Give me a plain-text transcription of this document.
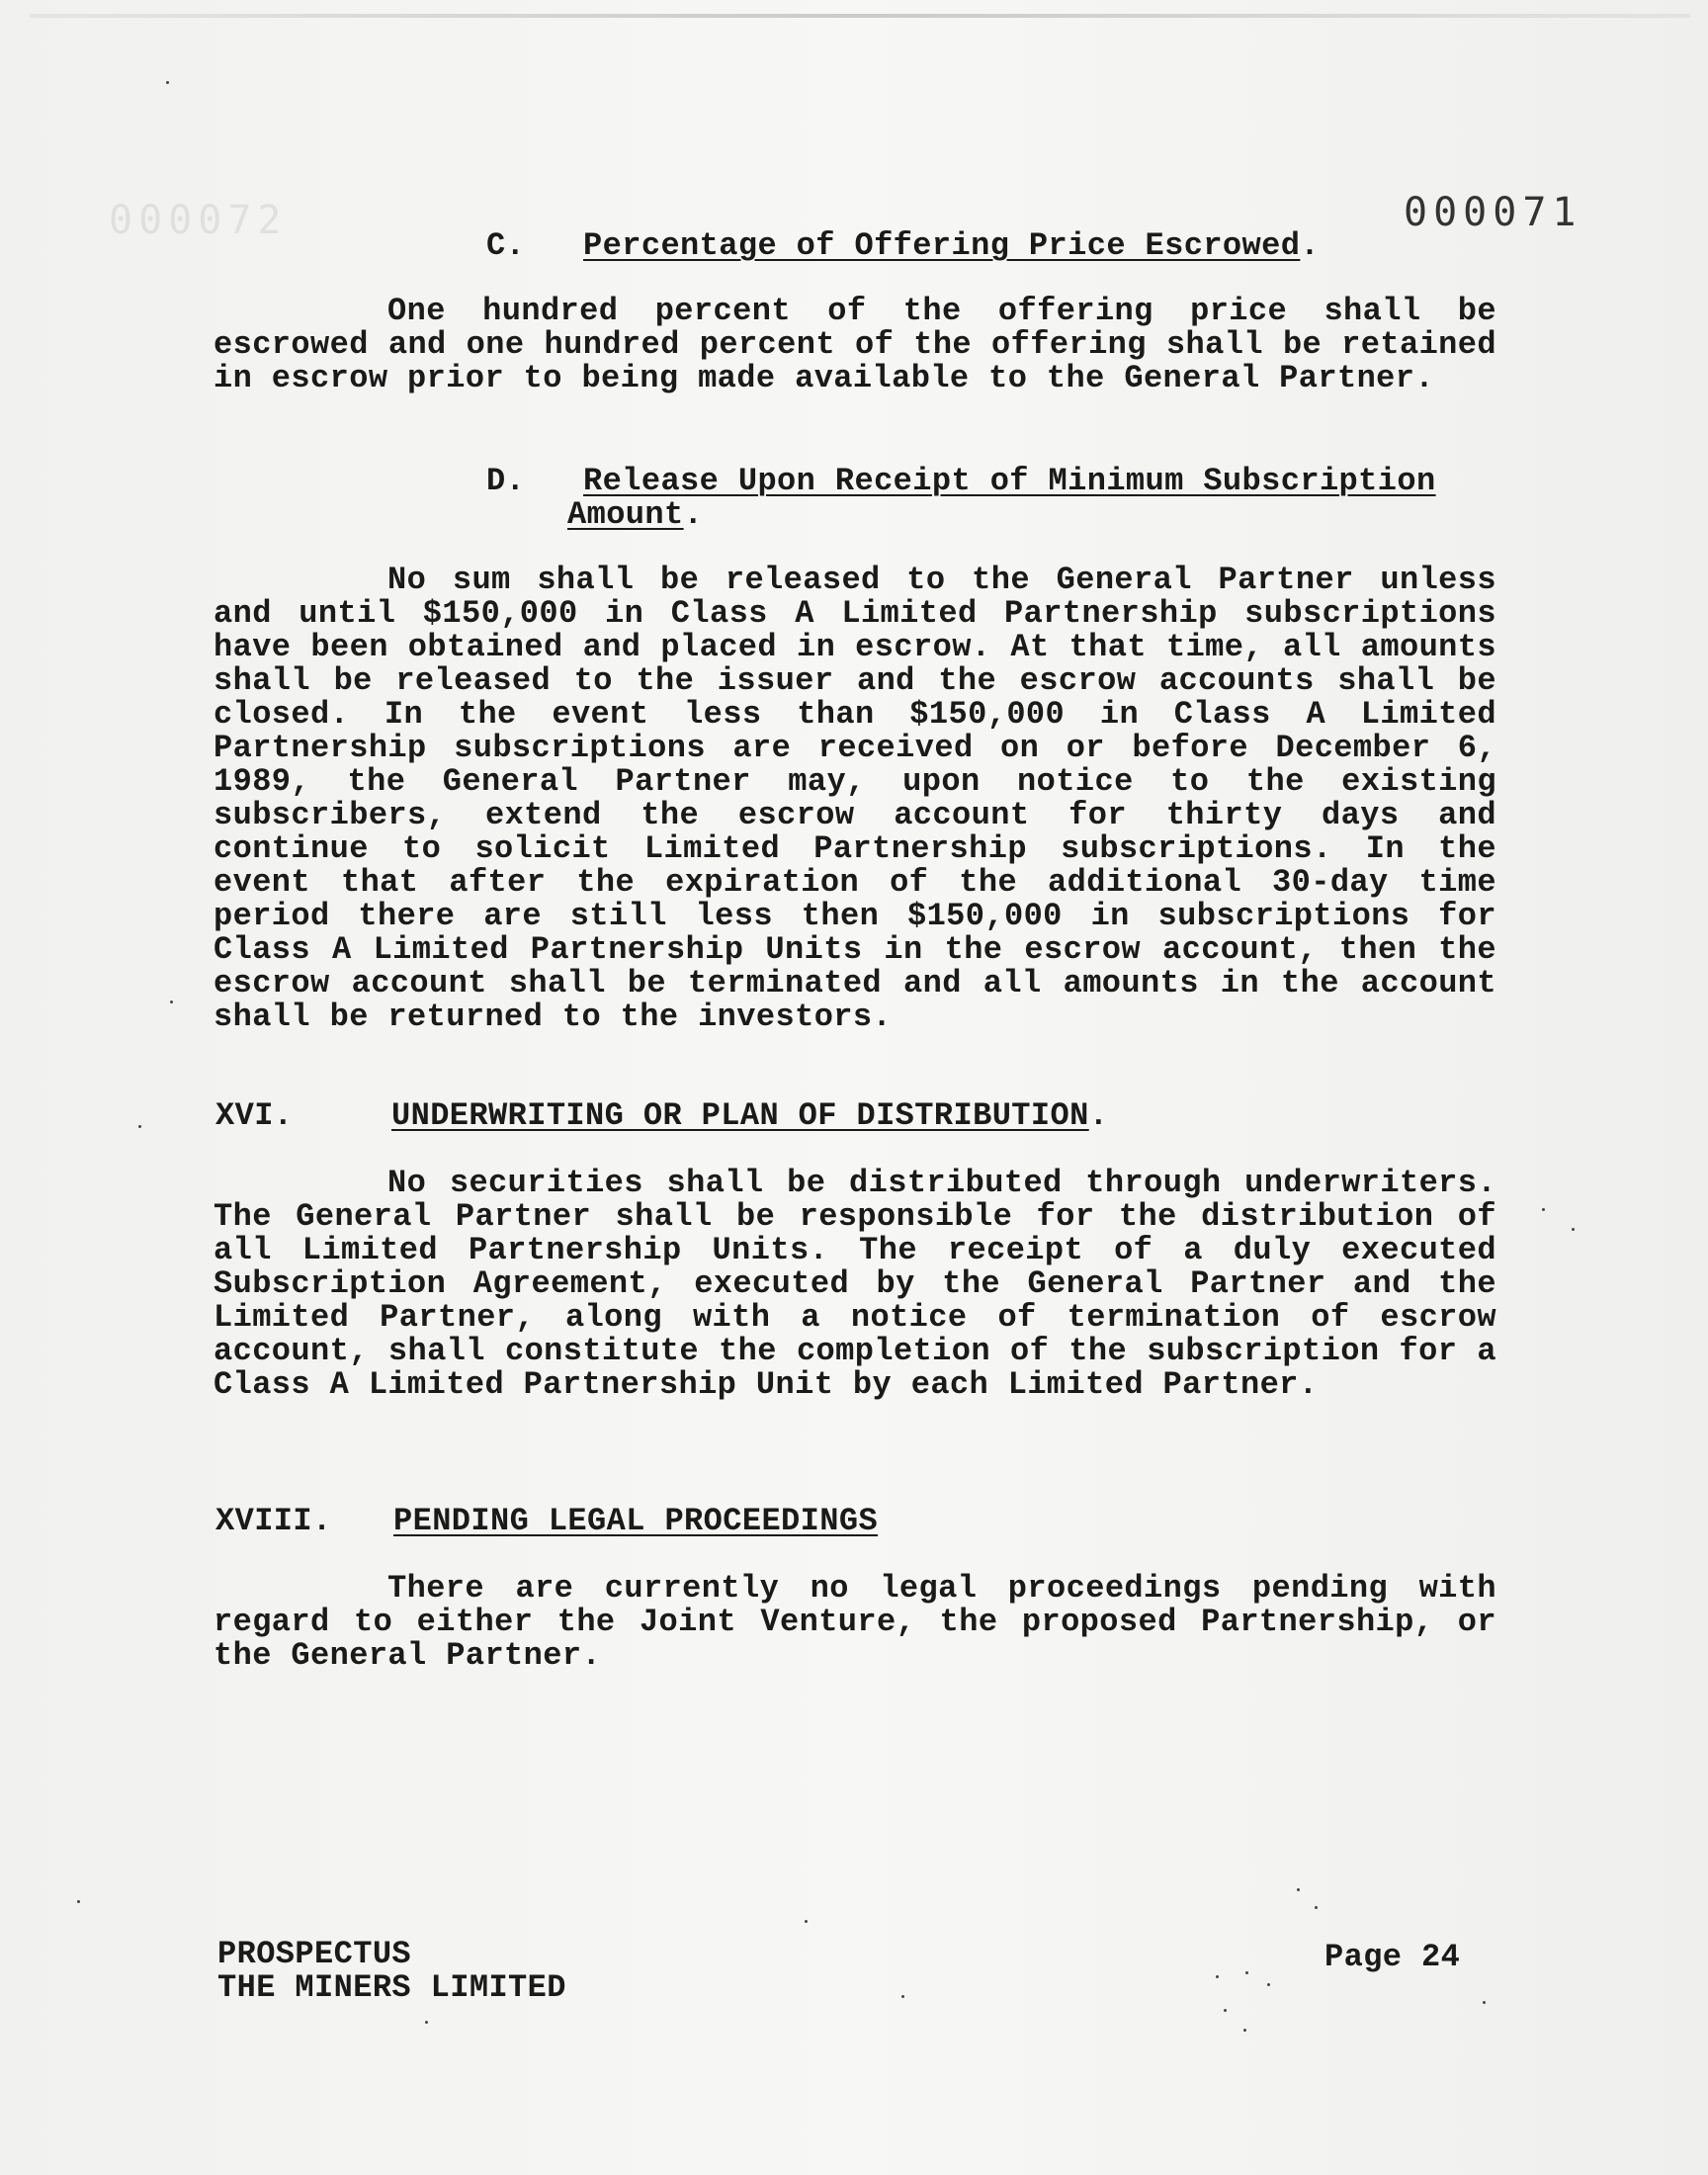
000072	000071
C. Percentage of Offering Price Escrowed.
One hundred percent of the offering price shall be escrowed and one hundred percent of the offering shall be retained in escrow prior to being made available to the General Partner.
D. Release Upon Receipt of Minimum Subscription
Amount.
No sum shall be released to the General Partner unless and until $150,000 in Class A Limited Partnership subscriptions have been obtained and placed in escrow. At that time, all amounts shall be released to the issuer and the escrow accounts shall be closed. In the event less than $150,000 in Class A Limited Partnership subscriptions are received on or before December 6, 1989, the General Partner may, upon notice to the existing subscribers, extend the escrow account for thirty days and continue to solicit Limited Partnership subscriptions. In the event that after the expiration of the additional 30-day time period there are still less then $150,000 in subscriptions for Class A Limited Partnership Units in the escrow account, then the escrow account shall be terminated and all amounts in the account shall be returned to the investors.
XVI.	UNDERWRITING OR PLAN OF DISTRIBUTION.
No securities shall be distributed through underwriters. The General Partner shall be responsible for the distribution of all Limited Partnership Units. The receipt of a duly executed Subscription Agreement, executed by the General Partner and the Limited Partner, along with a notice of termination of escrow account, shall constitute the completion of the subscription for a Class A Limited Partnership Unit by each Limited Partner.
XVIII. PENDING LEGAL PROCEEDINGS
There are currently no legal proceedings pending with regard to either the Joint Venture, the proposed Partnership, or the General Partner.
PROSPECTUS
THE MINERS LIMITED
Page 24
